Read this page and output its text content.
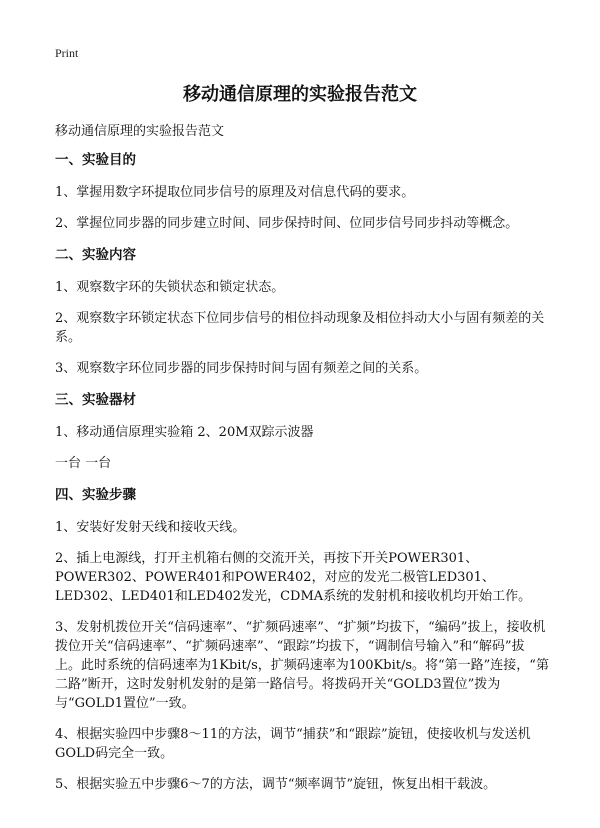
Print
移动通信原理的实验报告范文
移动通信原理的实验报告范文
一、实验目的
1、掌握用数字环提取位同步信号的原理及对信息代码的要求。
2、掌握位同步器的同步建立时间、同步保持时间、位同步信号同步抖动等概念。
二、实验内容
1、观察数字环的失锁状态和锁定状态。
2、观察数字环锁定状态下位同步信号的相位抖动现象及相位抖动大小与固有频差的关系。
3、观察数字环位同步器的同步保持时间与固有频差之间的关系。
三、实验器材
1、移动通信原理实验箱 2、20M双踪示波器
一台 一台
四、实验步骤
1、安装好发射天线和接收天线。
2、插上电源线，打开主机箱右侧的交流开关，再按下开关POWER301、POWER302、POWER401和POWER402，对应的发光二极管LED301、LED302、LED401和LED402发光，CDMA系统的发射机和接收机均开始工作。
3、发射机拨位开关“信码速率”、“扩频码速率”、“扩频”均拔下，“编码”拔上，接收机拨位开关“信码速率”、“扩频码速率”、“跟踪”均拔下，“调制信号输入”和“解码”拔上。此时系统的信码速率为1Kbit/s，扩频码速率为100Kbit/s。将“第一路”连接，“第二路”断开，这时发射机发射的是第一路信号。将拨码开关“GOLD3置位”拨为与“GOLD1置位”一致。
4、根据实验四中步骤8～11的方法，调节“捕获”和“跟踪”旋钮，使接收机与发送机GOLD码完全一致。
5、根据实验五中步骤6～7的方法，调节“频率调节”旋钮，恢复出相干载波。
